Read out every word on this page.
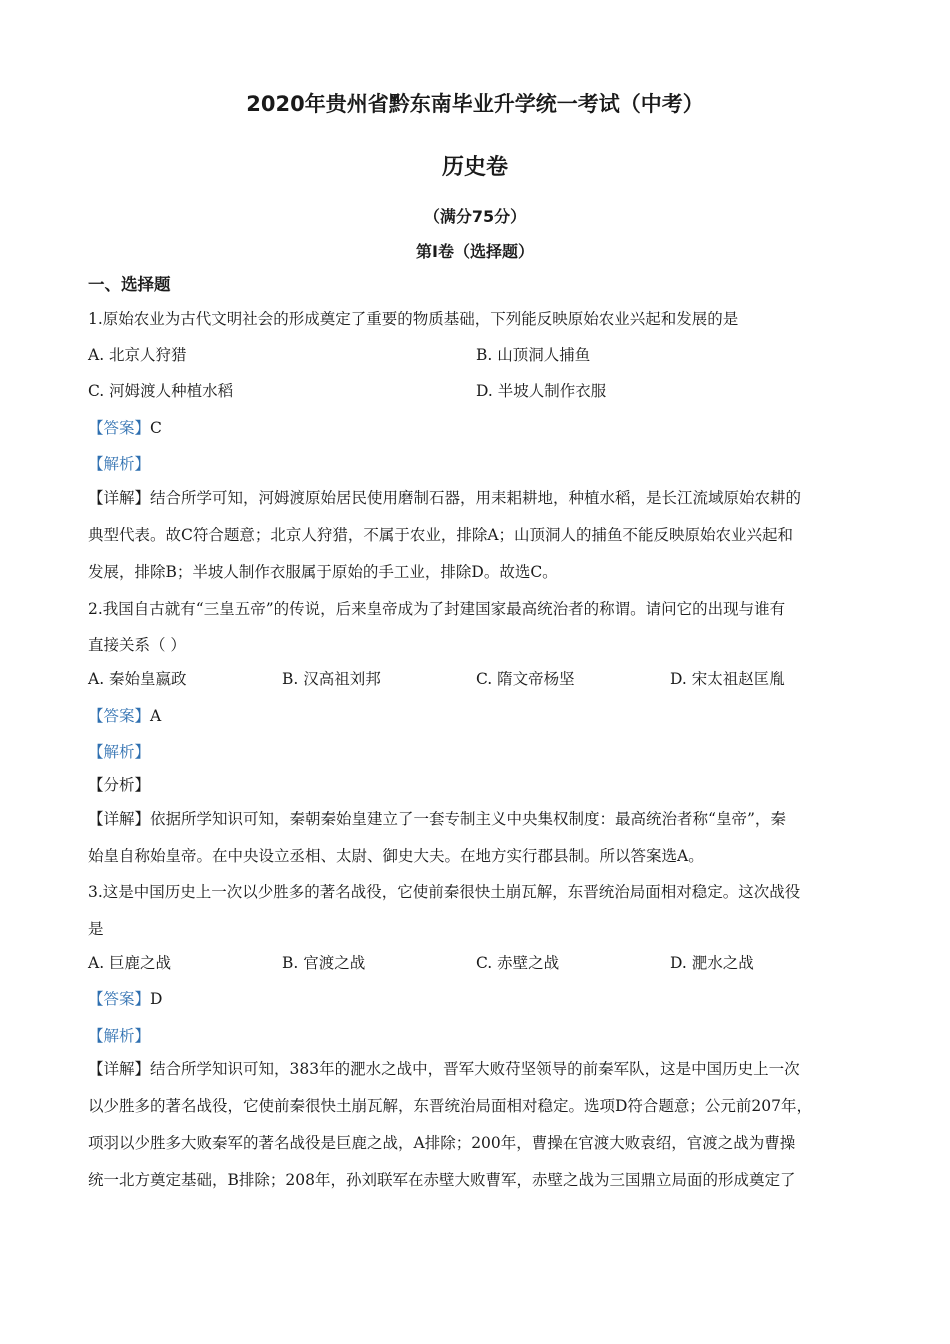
2020年贵州省黔东南毕业升学统一考试（中考）
历史卷
（满分75分）
第Ⅰ卷（选择题）
一、选择题
1.原始农业为古代文明社会的形成奠定了重要的物质基础，下列能反映原始农业兴起和发展的是
A. 北京人狩猎	B. 山顶洞人捕鱼
C. 河姆渡人种植水稻	D. 半坡人制作衣服
【答案】C
【解析】
【详解】结合所学可知，河姆渡原始居民使用磨制石器，用耒耜耕地，种植水稻，是长江流域原始农耕的
典型代表。故C符合题意；北京人狩猎，不属于农业，排除A；山顶洞人的捕鱼不能反映原始农业兴起和
发展，排除B；半坡人制作衣服属于原始的手工业，排除D。故选C。
2.我国自古就有“三皇五帝”的传说，后来皇帝成为了封建国家最高统治者的称谓。请问它的出现与谁有
直接关系（ ）
A. 秦始皇嬴政	B. 汉高祖刘邦	C. 隋文帝杨坚	D. 宋太祖赵匡胤
【答案】A
【解析】
【分析】
【详解】依据所学知识可知，秦朝秦始皇建立了一套专制主义中央集权制度：最高统治者称“皇帝”，秦
始皇自称始皇帝。在中央设立丞相、太尉、御史大夫。在地方实行郡县制。所以答案选A。
3.这是中国历史上一次以少胜多的著名战役，它使前秦很快土崩瓦解，东晋统治局面相对稳定。这次战役
是
A. 巨鹿之战	B. 官渡之战	C. 赤壁之战	D. 淝水之战
【答案】D
【解析】
【详解】结合所学知识可知，383年的淝水之战中，晋军大败苻坚领导的前秦军队，这是中国历史上一次
以少胜多的著名战役，它使前秦很快土崩瓦解，东晋统治局面相对稳定。选项D符合题意；公元前207年，
项羽以少胜多大败秦军的著名战役是巨鹿之战，A排除；200年，曹操在官渡大败袁绍，官渡之战为曹操
统一北方奠定基础，B排除；208年，孙刘联军在赤壁大败曹军，赤壁之战为三国鼎立局面的形成奠定了
